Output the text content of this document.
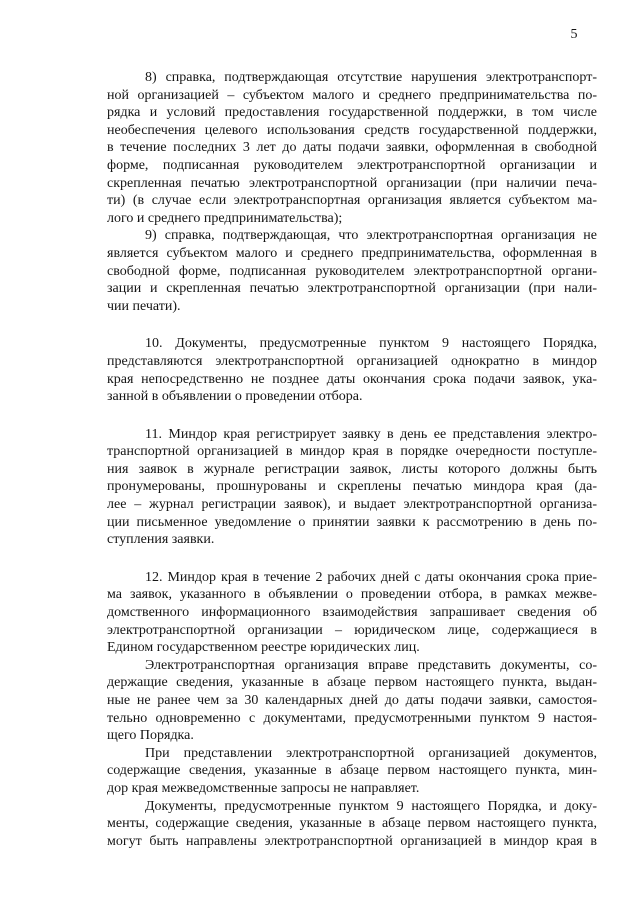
5
8) справка, подтверждающая отсутствие нарушения электротранспорт-
ной организацией – субъектом малого и среднего предпринимательства по-
рядка и условий предоставления государственной поддержки, в том числе
необеспечения целевого использования средств государственной поддержки,
в течение последних 3 лет до даты подачи заявки, оформленная в свободной
форме, подписанная руководителем электротранспортной организации и
скрепленная печатью электротранспортной организации (при наличии печа-
ти) (в случае если электротранспортная организация является субъектом ма-
лого и среднего предпринимательства);
9) справка, подтверждающая, что электротранспортная организация не
является субъектом малого и среднего предпринимательства, оформленная в
свободной форме, подписанная руководителем электротранспортной органи-
зации и скрепленная печатью электротранспортной организации (при нали-
чии печати).
10. Документы, предусмотренные пунктом 9 настоящего Порядка,
представляются электротранспортной организацией однократно в миндор
края непосредственно не позднее даты окончания срока подачи заявок, ука-
занной в объявлении о проведении отбора.
11. Миндор края регистрирует заявку в день ее представления электро-
транспортной организацией в миндор края в порядке очередности поступле-
ния заявок в журнале регистрации заявок, листы которого должны быть
пронумерованы, прошнурованы и скреплены печатью миндора края (да-
лее – журнал регистрации заявок), и выдает электротранспортной организа-
ции письменное уведомление о принятии заявки к рассмотрению в день по-
ступления заявки.
12. Миндор края в течение 2 рабочих дней с даты окончания срока прие-
ма заявок, указанного в объявлении о проведении отбора, в рамках межве-
домственного информационного взаимодействия запрашивает сведения об
электротранспортной организации – юридическом лице, содержащиеся в
Едином государственном реестре юридических лиц.
Электротранспортная организация вправе представить документы, со-
держащие сведения, указанные в абзаце первом настоящего пункта, выдан-
ные не ранее чем за 30 календарных дней до даты подачи заявки, самостоя-
тельно одновременно с документами, предусмотренными пунктом 9 настоя-
щего Порядка.
При представлении электротранспортной организацией документов,
содержащие сведения, указанные в абзаце первом настоящего пункта, мин-
дор края межведомственные запросы не направляет.
Документы, предусмотренные пунктом 9 настоящего Порядка, и доку-
менты, содержащие сведения, указанные в абзаце первом настоящего пункта,
могут быть направлены электротранспортной организацией в миндор края в
